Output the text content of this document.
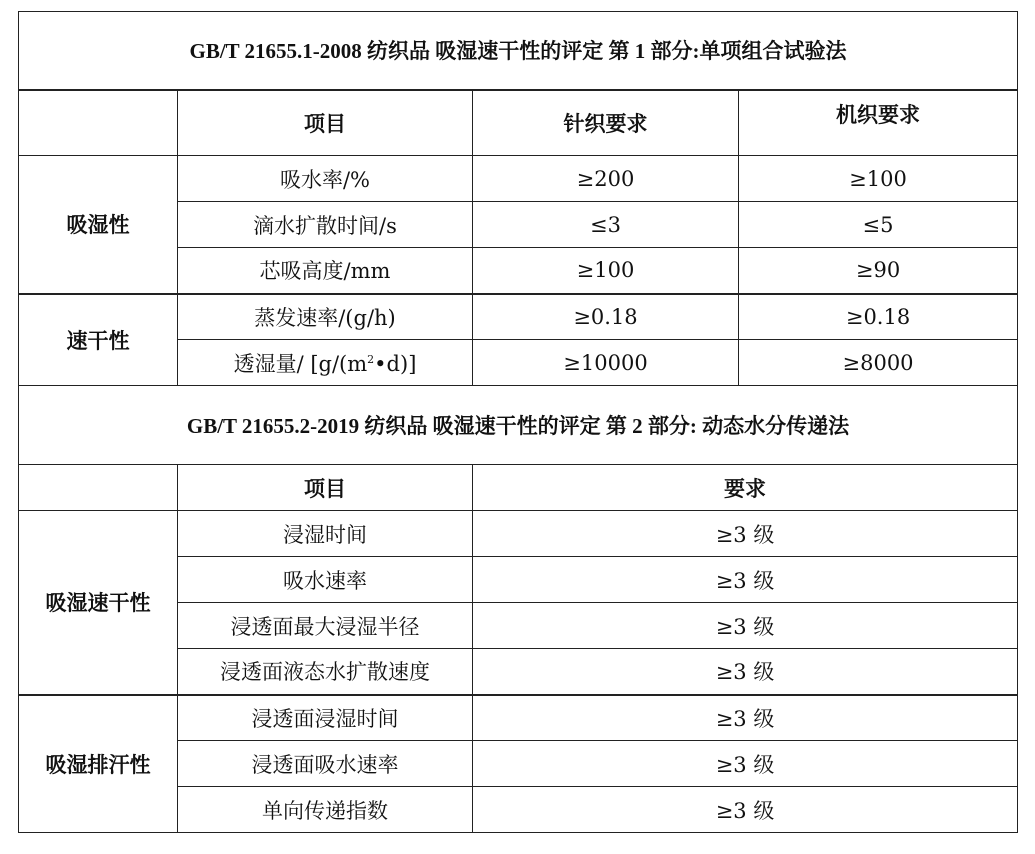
GB/T 21655.1-2008 纺织品 吸湿速干性的评定 第 1 部分:单项组合试验法			
	项目	针织要求	机织要求
吸湿性	吸水率/%	≥200	≥100
	滴水扩散时间/s	≤3	≤5
	芯吸高度/mm	≥100	≥90
速干性	蒸发速率/(g/h)	≥0.18	≥0.18
	透湿量/ $[g/(m^2•d)]$	≥10000	≥8000
GB/T 21655.2-2019 纺织品 吸湿速干性的评定 第 2 部分: 动态水分传递法			
	项目	要求	
吸湿速干性	浸湿时间	≥3 级	
	吸水速率	≥3 级	
	浸透面最大浸湿半径	≥3 级	
	浸透面液态水扩散速度	≥3 级	
吸湿排汗性	浸透面浸湿时间	≥3 级	
	浸透面吸水速率	≥3 级	
	单向传递指数	≥3 级	
